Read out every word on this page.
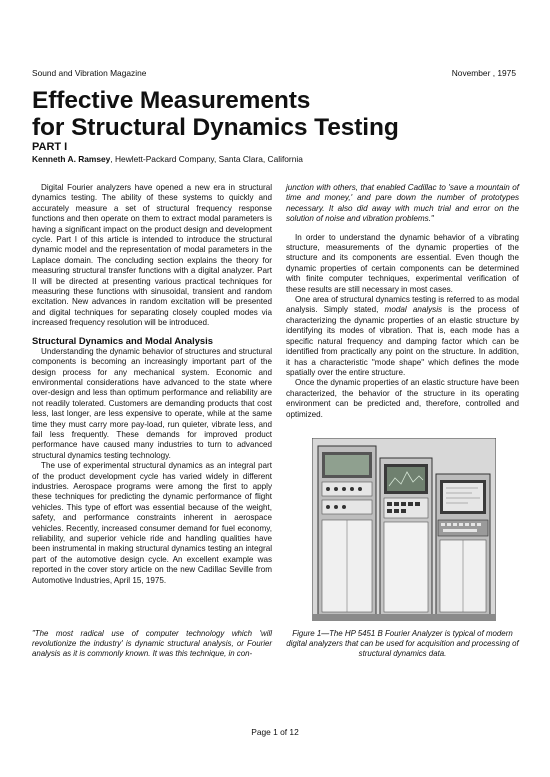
Sound and Vibration Magazine	November , 1975
Effective Measurements
for Structural Dynamics Testing
PART I
Kenneth A. Ramsey, Hewlett-Packard Company, Santa Clara, California

Digital Fourier analyzers have opened a new era in structural dynamics testing. The ability of these systems to quickly and accurately measure a set of structural frequency response functions and then operate on them to extract modal parameters is having a significant impact on the product design and development cycle. Part I of this article is intended to introduce the structural dynamic model and the representation of modal parameters in the Laplace domain. The concluding section explains the theory for measuring structural transfer functions with a digital analyzer. Part II will be directed at presenting various practical techniques for measuring these functions with sinusoidal, transient and random excitation. New advances in random excitation will be presented and digital techniques for separating closely coupled modes via increased frequency resolution will be introduced.

Structural Dynamics and Modal Analysis

Understanding the dynamic behavior of structures and structural components is becoming an increasingly important part of the design process for any mechanical system. Economic and environmental considerations have advanced to the state where over-design and less than optimum performance and reliability are not readily tolerated. Customers are demanding products that cost less, last longer, are less expensive to operate, while at the same time they must carry more pay-load, run quieter, vibrate less, and fail less frequently. These demands for improved product performance have caused many industries to turn to advanced structural dynamics testing technology.

The use of experimental structural dynamics as an integral part of the product development cycle has varied widely in different industries. Aerospace programs were among the first to apply these techniques for predicting the dynamic performance of flight vehicles. This type of effort was essential because of the weight, safety, and performance constraints inherent in aerospace vehicles. Recently, increased consumer demand for fuel economy, reliability, and superior vehicle ride and handling qualities have been instrumental in making structural dynamics testing an integral part of the automotive design cycle. An excellent example was reported in the cover story article on the new Cadillac Seville from Automotive Industries, April 15, 1975.

"The most radical use of computer technology which 'will revolutionize the industry' is dynamic structural analysis, or Fourier analysis as it is commonly known. It was this technique, in con-

junction with others, that enabled Cadillac to 'save a mountain of time and money,' and pare down the number of prototypes necessary. It also did away with much trial and error on the solution of noise and vibration problems."

In order to understand the dynamic behavior of a vibrating structure, measurements of the dynamic properties of the structure and its components are essential. Even though the dynamic properties of certain components can be determined with finite computer techniques, experimental verification of these results are still necessary in most cases.

One area of structural dynamics testing is referred to as modal analysis. Simply stated, modal analysis is the process of characterizing the dynamic properties of an elastic structure by identifying its modes of vibration. That is, each mode has a specific natural frequency and damping factor which can be identified from practically any point on the structure. In addition, it has a characteristic "mode shape" which defines the mode spatially over the entire structure.

Once the dynamic properties of an elastic structure have been characterized, the behavior of the structure in its operating environment can be predicted and, therefore, controlled and optimized.

Figure 1—The HP 5451 B Fourier Analyzer is typical of modern digital analyzers that can be used for acquisition and processing of structural dynamics data.
Page 1 of 12
